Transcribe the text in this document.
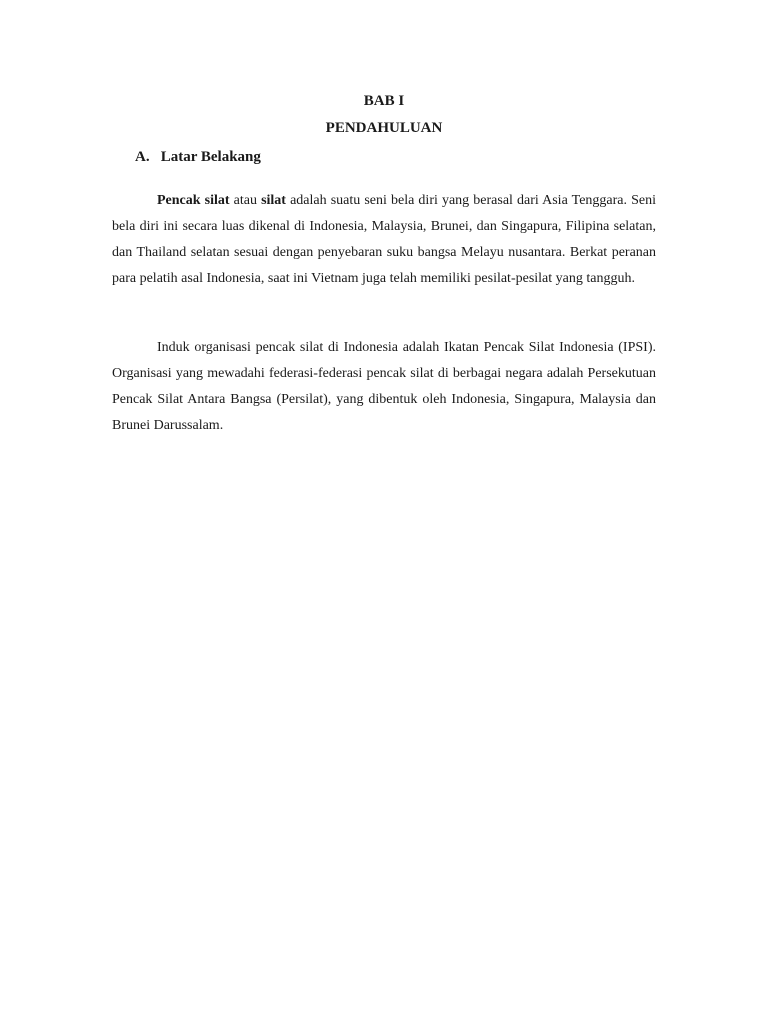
BAB I
PENDAHULUAN
A. Latar Belakang

Pencak silat atau silat adalah suatu seni bela diri yang berasal dari Asia Tenggara. Seni bela diri ini secara luas dikenal di Indonesia, Malaysia, Brunei, dan Singapura, Filipina selatan, dan Thailand selatan sesuai dengan penyebaran suku bangsa Melayu nusantara. Berkat peranan para pelatih asal Indonesia, saat ini Vietnam juga telah memiliki pesilat-pesilat yang tangguh.

Induk organisasi pencak silat di Indonesia adalah Ikatan Pencak Silat Indonesia (IPSI). Organisasi yang mewadahi federasi-federasi pencak silat di berbagai negara adalah Persekutuan Pencak Silat Antara Bangsa (Persilat), yang dibentuk oleh Indonesia, Singapura, Malaysia dan Brunei Darussalam.
